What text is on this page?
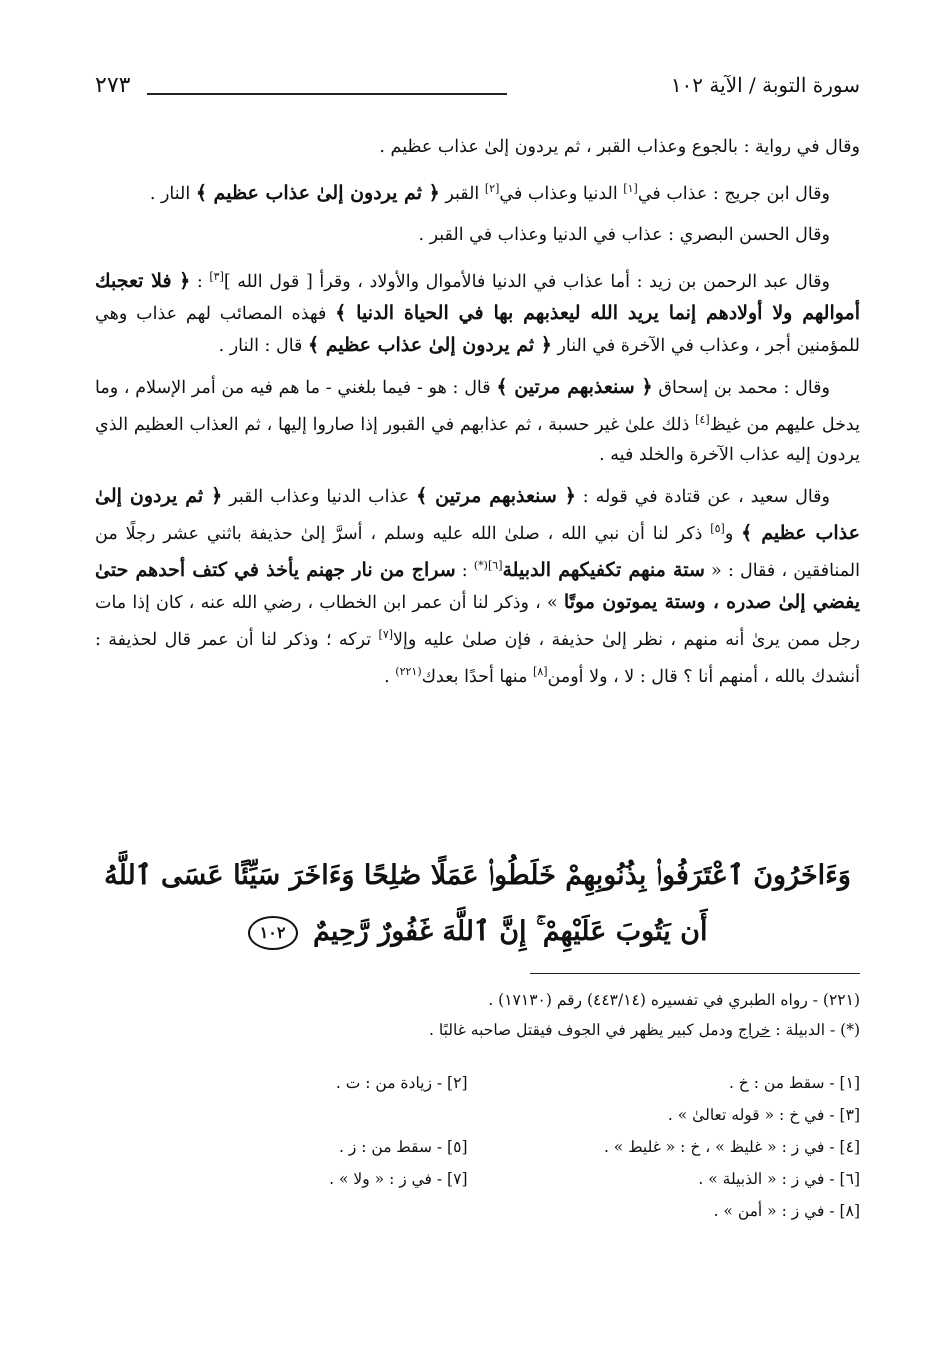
سورة التوبة / الآية ١٠٢
٢٧٣

وقال في رواية : بالجوع وعذاب القبر ، ثم يردون إلىٰ عذاب عظيم .

وقال ابن جريج : عذاب في[١] الدنيا وعذاب في[٢] القبر ﴿ ثم يردون إلىٰ عذاب عظيم ﴾ النار .

وقال الحسن البصري : عذاب في الدنيا وعذاب في القبر .

وقال عبد الرحمن بن زيد : أما عذاب في الدنيا فالأموال والأولاد ، وقرأ [ قول الله ][٣] : ﴿ فلا تعجبك أموالهم ولا أولادهم إنما يريد الله ليعذبهم بها في الحياة الدنيا ﴾ فهذه المصائب لهم عذاب وهي للمؤمنين أجر ، وعذاب في الآخرة في النار ﴿ ثم يردون إلىٰ عذاب عظيم ﴾ قال : النار .

وقال : محمد بن إسحاق ﴿ سنعذبهم مرتين ﴾ قال : هو - فيما بلغني - ما هم فيه من أمر الإسلام ، وما يدخل عليهم من غيظ[٤] ذلك علىٰ غير حسبة ، ثم عذابهم في القبور إذا صاروا إليها ، ثم العذاب العظيم الذي يردون إليه عذاب الآخرة والخلد فيه .

وقال سعيد ، عن قتادة في قوله : ﴿ سنعذبهم مرتين ﴾ عذاب الدنيا وعذاب القبر ﴿ ثم يردون إلىٰ عذاب عظيم ﴾ و[٥] ذكر لنا أن نبي الله ، صلىٰ الله عليه وسلم ، أسرَّ إلىٰ حذيفة باثني عشر رجلًا من المنافقين ، فقال : « ستة منهم تكفيكهم الدبيلة$^{[٦](*)}$ : سراج من نار جهنم يأخذ في كتف أحدهم حتىٰ يفضي إلىٰ صدره ، وستة يموتون موتًا » ، وذكر لنا أن عمر ابن الخطاب ، رضي الله عنه ، كان إذا مات رجل ممن يرىٰ أنه منهم ، نظر إلىٰ حذيفة ، فإن صلىٰ عليه وإلا[٧] تركه ؛ وذكر لنا أن عمر قال لحذيفة : أنشدك بالله ، أمنهم أنا ؟ قال : لا ، ولا أومن[٨] منها أحدًا بعدك$^{(٢٢١)}$ .

وَءَاخَرُونَ ٱعْتَرَفُوا۟ بِذُنُوبِهِمْ خَلَطُوا۟ عَمَلًا صَٰلِحًا وَءَاخَرَ سَيِّئًا عَسَى ٱللَّهُ أَن يَتُوبَ عَلَيْهِمْ ۚ إِنَّ ٱللَّهَ غَفُورٌ رَّحِيمٌ ١٠٢
(٢٢١) - رواه الطبري في تفسيره (٤٤٣/١٤) رقم (١٧١٣٠) .
(*) - الدبيلة : خراج ودمل كبير يظهر في الجوف فيقتل صاحبه غالبًا .
[١] - سقط من : خ .
[٢] - زيادة من : ت .
[٣] - في خ : « قوله تعالىٰ » .
[٤] - في ز : « غليظ » ، خ : « غليط » .
[٥] - سقط من : ز .
[٦] - في ز : « الذبيلة » .
[٧] - في ز : « ولا » .
[٨] - في ز : « أمن » .
